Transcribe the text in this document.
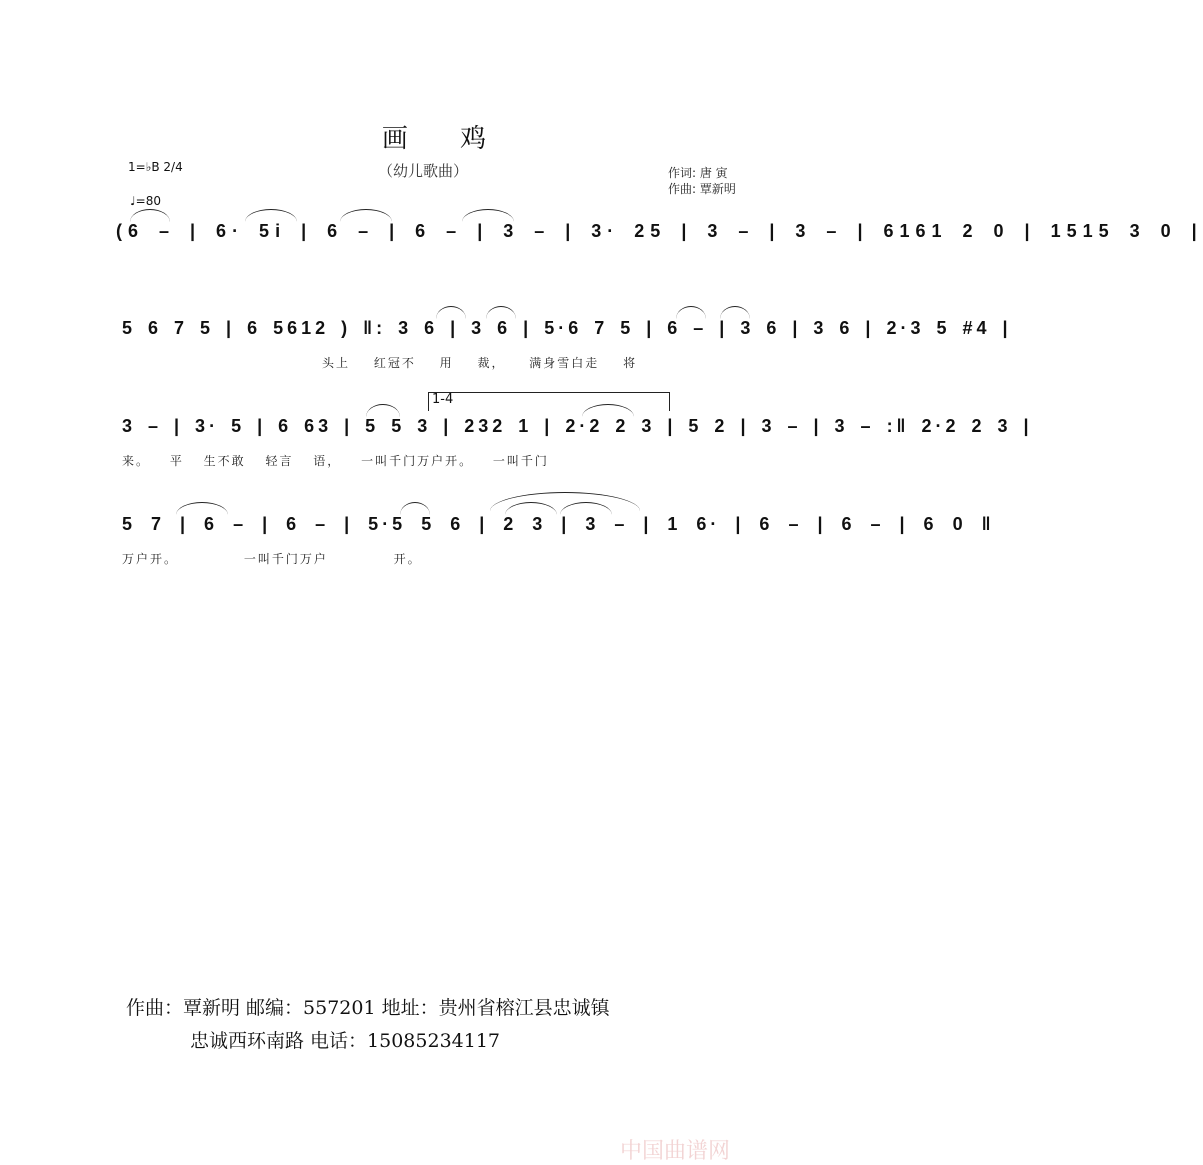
画 鸡
（幼儿歌曲）	作词: 唐 寅
作曲: 覃新明
1=♭B 2/4
♩=80
(6 – | 6· 5i | 6 – | 6 – | 3 – | 3· 25 | 3 – | 3 – | 6161 2 0 | 1515 3 0 |
5 6 7 5 | 6 5612 ) ‖: 3 6 | 3 6 | 5·6 7 5 | 6 – | 3 6 | 3 6 | 2·3 5 #4 |
头上 红冠不 用 裁， 满身雪白走 将
3 – | 3· 5 | 6 63 | 5 5 3 | 232 1 | 2·2 2 3 | 5 2 | 3 – | 3 – :‖ 2·2 2 3 |
来。 平 生不敢 轻言 语， 一叫千门万户开。 一叫千门
1-4
5 7 | 6 – | 6 – | 5·5 5 6 | 2 3 | 3 – | 1 6· | 6 – | 6 – | 6 0 ‖
万户开。 一叫千门万户 开。
作曲：覃新明 邮编：557201 地址：贵州省榕江县忠诚镇
忠诚西环南路 电话：15085234117
中国曲谱网
